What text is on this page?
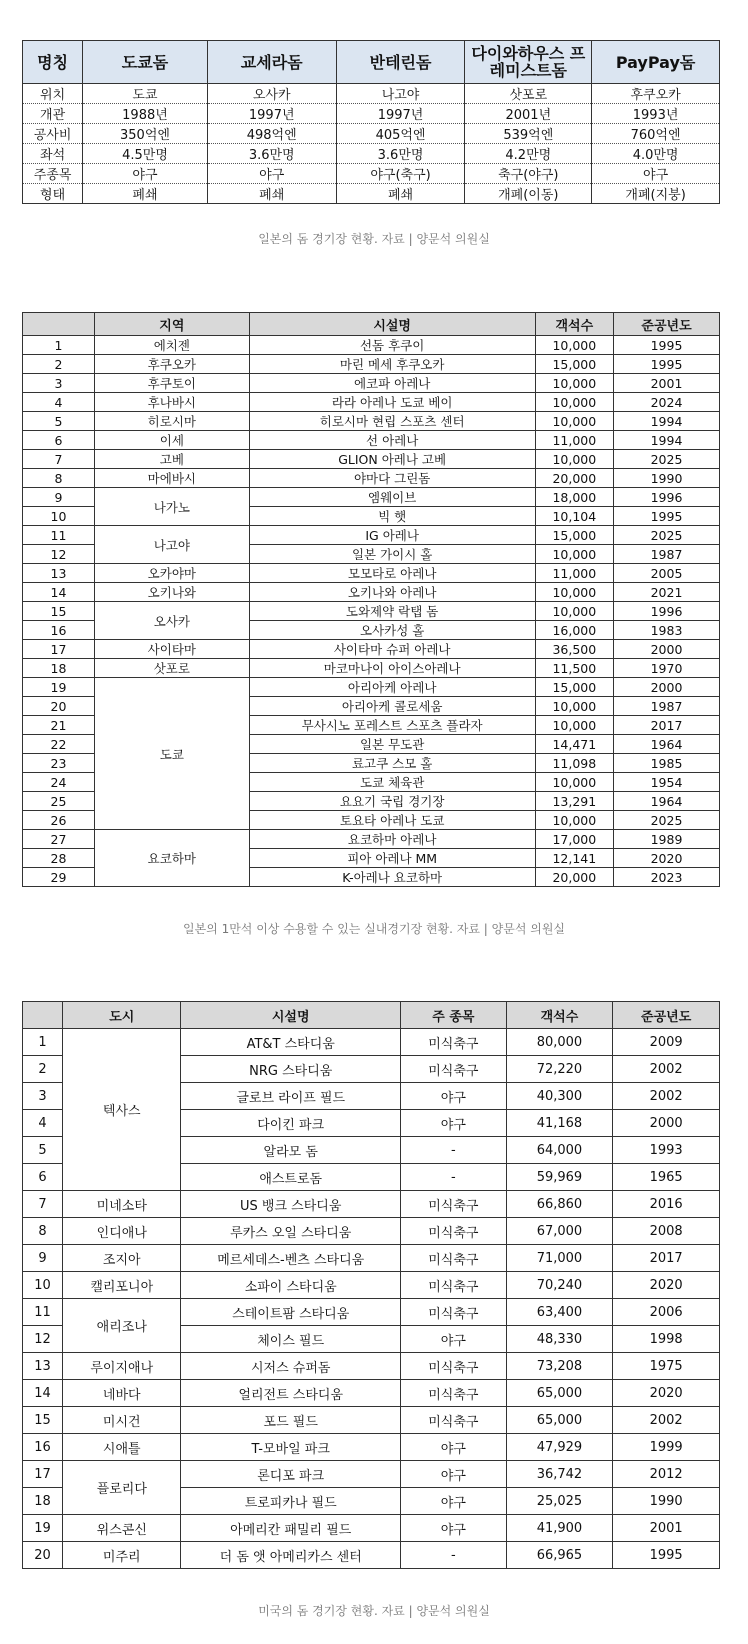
명칭	도쿄돔	교세라돔	반테린돔	다이와하우스 프레미스트돔	PayPay돔
위치	도쿄	오사카	나고야	삿포로	후쿠오카
개관	1988년	1997년	1997년	2001년	1993년
공사비	350억엔	498억엔	405억엔	539억엔	760억엔
좌석	4.5만명	3.6만명	3.6만명	4.2만명	4.0만명
주종목	야구	야구	야구(축구)	축구(야구)	야구
형태	폐쇄	폐쇄	폐쇄	개폐(이동)	개폐(지붕)
일본의 돔 경기장 현황. 자료 | 양문석 의원실
	지역	시설명	객석수	준공년도
1	에치젠	선돔 후쿠이	10,000	1995
2	후쿠오카	마린 메세 후쿠오카	15,000	1995
3	후쿠토이	에코파 아레나	10,000	2001
4	후나바시	라라 아레나 도쿄 베이	10,000	2024
5	히로시마	히로시마 현립 스포츠 센터	10,000	1994
6	이세	선 아레나	11,000	1994
7	고베	GLION 아레나 고베	10,000	2025
8	마에바시	야마다 그린돔	20,000	1990
9	나가노	엠웨이브	18,000	1996
10		빅 햇	10,104	1995
11	나고야	IG 아레나	15,000	2025
12		일본 가이시 홀	10,000	1987
13	오카야마	모모타로 아레나	11,000	2005
14	오키나와	오키나와 아레나	10,000	2021
15	오사카	도와제약 락탭 돔	10,000	1996
16		오사카성 홀	16,000	1983
17	사이타마	사이타마 슈퍼 아레나	36,500	2000
18	삿포로	마코마나이 아이스아레나	11,500	1970
19	도쿄	아리아케 아레나	15,000	2000
20		아리아케 콜로세움	10,000	1987
21		무사시노 포레스트 스포츠 플라자	10,000	2017
22		일본 무도관	14,471	1964
23		료고쿠 스모 홀	11,098	1985
24		도쿄 체육관	10,000	1954
25		요요기 국립 경기장	13,291	1964
26		토요타 아레나 도쿄	10,000	2025
27	요코하마	요코하마 아레나	17,000	1989
28		피아 아레나 MM	12,141	2020
29		K-아레나 요코하마	20,000	2023
일본의 1만석 이상 수용할 수 있는 실내경기장 현황. 자료 | 양문석 의원실
	도시	시설명	주 종목	객석수	준공년도
1	텍사스	AT&T 스타디움	미식축구	80,000	2009
2		NRG 스타디움	미식축구	72,220	2002
3		글로브 라이프 필드	야구	40,300	2002
4		다이킨 파크	야구	41,168	2000
5		알라모 돔	-	64,000	1993
6		애스트로돔	-	59,969	1965
7	미네소타	US 뱅크 스타디움	미식축구	66,860	2016
8	인디애나	루카스 오일 스타디움	미식축구	67,000	2008
9	조지아	메르세데스-벤츠 스타디움	미식축구	71,000	2017
10	캘리포니아	소파이 스타디움	미식축구	70,240	2020
11	애리조나	스테이트팜 스타디움	미식축구	63,400	2006
12		체이스 필드	야구	48,330	1998
13	루이지애나	시저스 슈퍼돔	미식축구	73,208	1975
14	네바다	얼리전트 스타디움	미식축구	65,000	2020
15	미시건	포드 필드	미식축구	65,000	2002
16	시애틀	T-모바일 파크	야구	47,929	1999
17	플로리다	론디포 파크	야구	36,742	2012
18		트로피카나 필드	야구	25,025	1990
19	위스콘신	아메리칸 패밀리 필드	야구	41,900	2001
20	미주리	더 돔 앳 아메리카스 센터	-	66,965	1995
미국의 돔 경기장 현황. 자료 | 양문석 의원실
